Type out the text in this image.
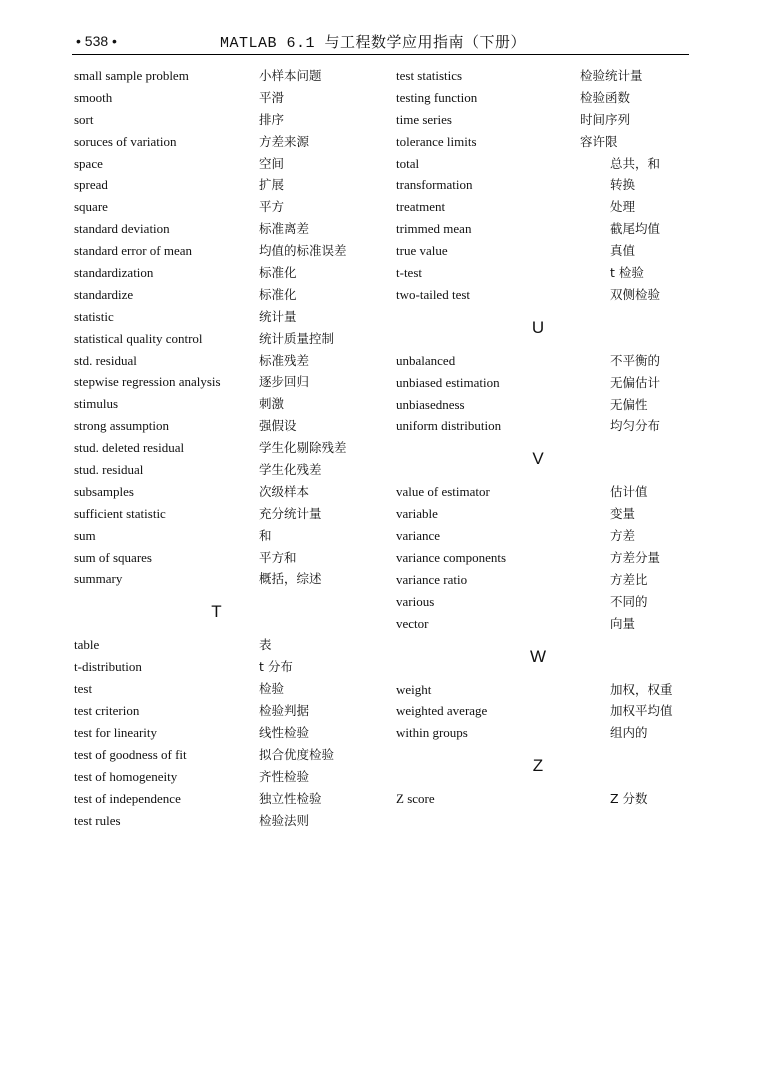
• 538 •	MATLAB 6.1 与工程数学应用指南（下册）
small sample problem	小样本问题
smooth	平滑
sort	排序
soruces of variation	方差来源
space	空间
spread	扩展
square	平方
standard deviation	标准离差
standard error of mean	均值的标准误差
standardization	标准化
standardize	标准化
statistic	统计量
statistical quality control	统计质量控制
std. residual	标准残差
stepwise regression analysis	逐步回归
stimulus	刺激
strong assumption	强假设
stud. deleted residual	学生化剔除残差
stud. residual	学生化残差
subsamples	次级样本
sufficient statistic	充分统计量
sum	和
sum of squares	平方和
summary	概括，综述
T
table	表
t-distribution	t 分布
test	检验
test criterion	检验判据
test for linearity	线性检验
test of goodness of fit	拟合优度检验
test of homogeneity	齐性检验
test of independence	独立性检验
test rules	检验法则
test statistics	检验统计量
testing function	检验函数
time series	时间序列
tolerance limits	容许限
total	总共，和
transformation	转换
treatment	处理
trimmed mean	截尾均值
true value	真值
t-test	t 检验
two-tailed test	双侧检验
U
unbalanced	不平衡的
unbiased estimation	无偏估计
unbiasedness	无偏性
uniform distribution	均匀分布
V
value of estimator	估计值
variable	变量
variance	方差
variance components	方差分量
variance ratio	方差比
various	不同的
vector	向量
W
weight	加权，权重
weighted average	加权平均值
within groups	组内的
Z
Z score	Z 分数
